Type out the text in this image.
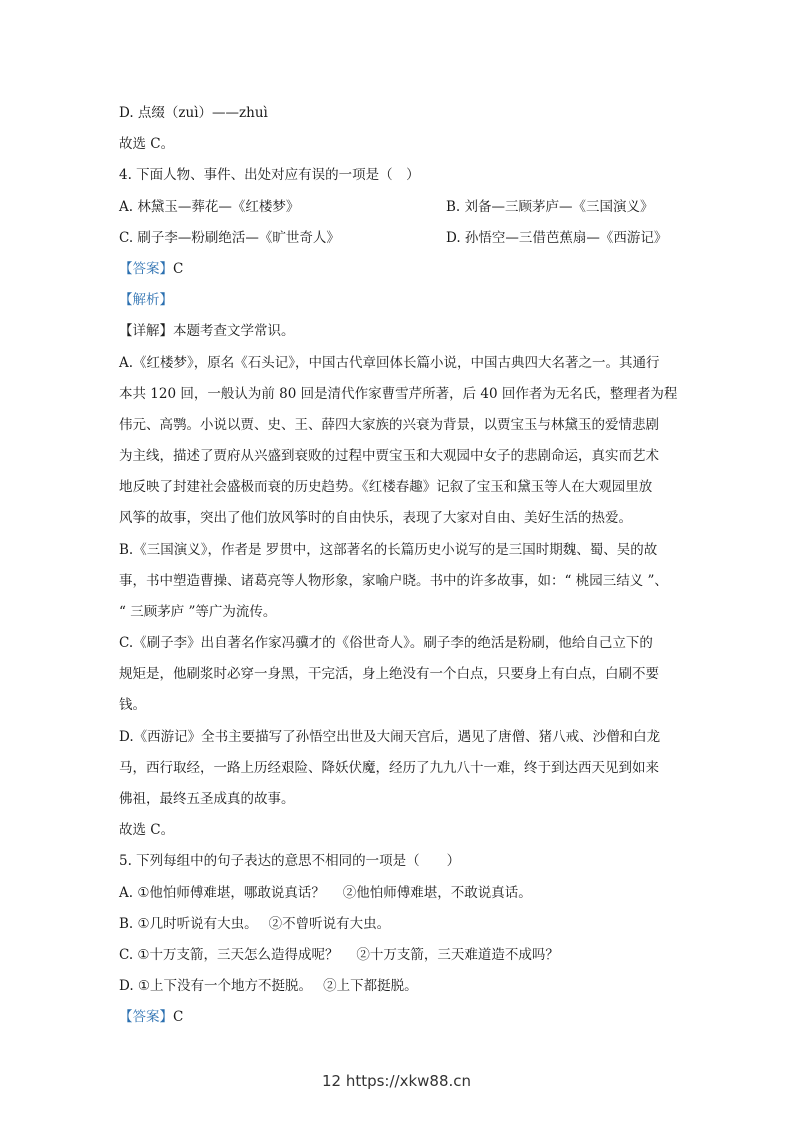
D. 点缀（zuì）——zhuì
故选 C。
4. 下面人物、事件、出处对应有误的一项是（　）
A. 林黛玉—葬花—《红楼梦》	B. 刘备—三顾茅庐—《三国演义》
C. 刷子李—粉刷绝活—《旷世奇人》	D. 孙悟空—三借芭蕉扇—《西游记》
【答案】C
【解析】
【详解】本题考查文学常识。
A.《红楼梦》，原名《石头记》，中国古代章回体长篇小说，中国古典四大名著之一。其通行
本共 120 回，一般认为前 80 回是清代作家曹雪芹所著，后 40 回作者为无名氏，整理者为程
伟元、高鹗。小说以贾、史、王、薛四大家族的兴衰为背景，以贾宝玉与林黛玉的爱情悲剧
为主线，描述了贾府从兴盛到衰败的过程中贾宝玉和大观园中女子的悲剧命运，真实而艺术
地反映了封建社会盛极而衰的历史趋势。《红楼春趣》记叙了宝玉和黛玉等人在大观园里放
风筝的故事，突出了他们放风筝时的自由快乐，表现了大家对自由、美好生活的热爱。
B.《三国演义》，作者是 罗贯中，这部著名的长篇历史小说写的是三国时期魏、蜀、吴的故
事，书中塑造曹操、诸葛亮等人物形象，家喻户晓。书中的许多故事，如：“ 桃园三结义 ”、
“ 三顾茅庐 ”等广为流传。
C.《刷子李》出自著名作家冯骥才的《俗世奇人》。刷子李的绝活是粉刷，他给自己立下的
规矩是，他刷浆时必穿一身黑，干完活，身上绝没有一个白点，只要身上有白点，白刷不要
钱。
D.《西游记》全书主要描写了孙悟空出世及大闹天宫后，遇见了唐僧、猪八戒、沙僧和白龙
马，西行取经，一路上历经艰险、降妖伏魔，经历了九九八十一难，终于到达西天见到如来
佛祖，最终五圣成真的故事。
故选 C。
5. 下列每组中的句子表达的意思不相同的一项是（　　）
A. ①他怕师傅难堪，哪敢说真话？　 ②他怕师傅难堪，不敢说真话。
B. ①几时听说有大虫。　 ②不曾听说有大虫。
C. ①十万支箭，三天怎么造得成呢？　 ②十万支箭，三天难道造不成吗？
D. ①上下没有一个地方不挺脱。　 ②上下都挺脱。
【答案】C
12 https://xkw88.cn
